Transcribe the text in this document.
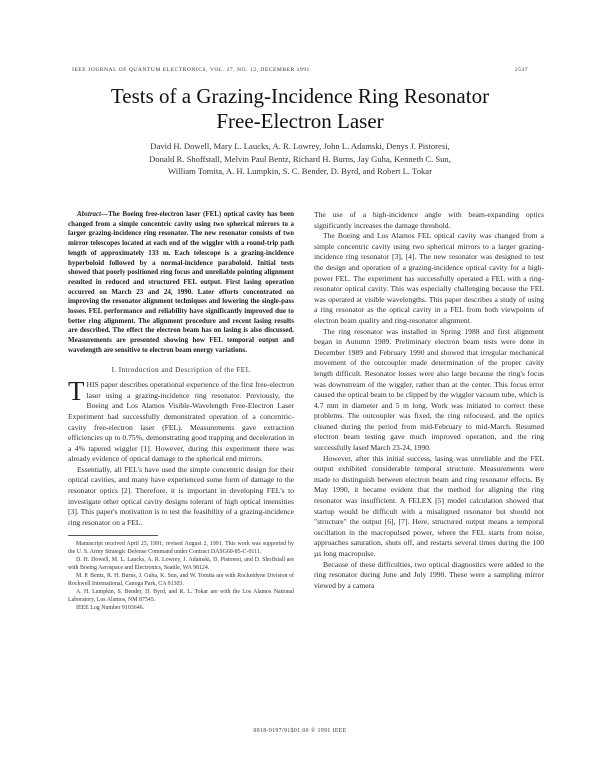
IEEE JOURNAL OF QUANTUM ELECTRONICS, VOL. 27, NO. 12, DECEMBER 1991	2537
Tests of a Grazing-Incidence Ring Resonator
Free-Electron Laser
David H. Dowell, Mary L. Laucks, A. R. Lowrey, John L. Adamski, Denys J. Pistoresi,
Donald R. Shoffstall, Melvin Paul Bentz, Richard H. Burns, Jay Guha, Kenneth C. Sun,
William Tomita, A. H. Lumpkin, S. C. Bender, D. Byrd, and Robert L. Tokar

Abstract—The Boeing free-electron laser (FEL) optical cavity has been changed from a simple concentric cavity using two spherical mirrors to a larger grazing-incidence ring resonator. The new resonator consists of two mirror telescopes located at each end of the wiggler with a round-trip path length of approximately 133 m. Each telescope is a grazing-incidence hyperboloid followed by a normal-incidence paraboloid. Initial tests showed that poorly positioned ring focus and unreliable pointing alignment resulted in reduced and structured FEL output. First lasing operation occurred on March 23 and 24, 1990. Later efforts concentrated on improving the resonator alignment techniques and lowering the single-pass losses. FEL performance and reliability have significantly improved due to better ring alignment. The alignment procedure and recent lasing results are described. The effect the electron beam has on lasing is also discussed. Measurements are presented showing how FEL temporal output and wavelength are sensitive to electron beam energy variations.

I. Introduction and Description of the FEL

THIS paper describes operational experience of the first free-electron laser using a grazing-incidence ring resonator. Previously, the Boeing and Los Alamos Visible-Wavelength Free-Electron Laser Experiment had successfully demonstrated operation of a concentric-cavity free-electron laser (FEL). Measurements gave extraction efficiencies up to 0.75%, demonstrating good trapping and deceleration in a 4% tapered wiggler [1]. However, during this experiment there was already evidence of optical damage to the spherical end mirrors.

Essentially, all FEL's have used the simple concentric design for their optical cavities, and many have experienced some form of damage to the resonator optics [2]. Therefore, it is important in developing FEL's to investigate other optical cavity designs tolerant of high optical intensities [3]. This paper's motivation is to test the feasibility of a grazing-incidence ring resonator on a FEL.

Manuscript received April 25, 1991; revised August 2, 1991. This work was supported by the U. S. Army Strategic Defense Command under Contract DASG60-85-C-0111.

D. H. Dowell, M. L. Laucks, A. R. Lowrey, J. Adamski, D. Pistoresi, and D. Shoffstall are with Boeing Aerospace and Electronics, Seattle, WA 98124.

M. P. Bentz, R. H. Burns, J. Guha, K. Sun, and W. Tomita are with Rocketdyne Division of Rockwell International, Canoga Park, CA 91303.

A. H. Lumpkin, S. Bender, D. Byrd, and R. L. Tokar are with the Los Alamos National Laboratory, Los Alamos, NM 87545.

IEEE Log Number 9103646.

The use of a high-incidence angle with beam-expanding optics significantly increases the damage threshold.

The Boeing and Los Alamos FEL optical cavity was changed from a simple concentric cavity using two spherical mirrors to a larger grazing-incidence ring resonator [3], [4]. The new resonator was designed to test the design and operation of a grazing-incidence optical cavity for a high-power FEL. The experiment has successfully operated a FEL with a ring-resonator optical cavity. This was especially challenging because the FEL was operated at visible wavelengths. This paper describes a study of using a ring resonator as the optical cavity in a FEL from both viewpoints of electron beam quality and ring-resonator alignment.

The ring resonator was installed in Spring 1988 and first alignment began in Autumn 1989. Preliminary electron beam tests were done in December 1989 and February 1990 and showed that irregular mechanical movement of the outcoupler made determination of the proper cavity length difficult. Resonator losses were also large because the ring's focus was downstream of the wiggler, rather than at the center. This focus error caused the optical beam to be clipped by the wiggler vacuum tube, which is 4.7 mm in diameter and 5 m long. Work was initiated to correct these problems. The outcoupler was fixed, the ring refocused, and the optics cleaned during the period from mid-February to mid-March. Resumed electron beam testing gave much improved operation, and the ring successfully lased March 23-24, 1990.

However, after this initial success, lasing was unreliable and the FEL output exhibited considerable temporal structure. Measurements were made to distinguish between electron beam and ring resonator effects. By May 1990, it became evident that the method for aligning the ring resonator was insufficient. A FELEX [5] model calculation showed that startup would be difficult with a misaligned resonator but should not "structure" the output [6], [7]. Here, structured output means a temporal oscillation in the macropulsed power, where the FEL starts from noise, approaches saturation, shuts off, and restarts several times during the 100 µs long macropulse.

Because of these difficulties, two optical diagnostics were added to the ring resonator during June and July 1990. These were a sampling mirror viewed by a camera

0018-9197/91$01.00 © 1991 IEEE
